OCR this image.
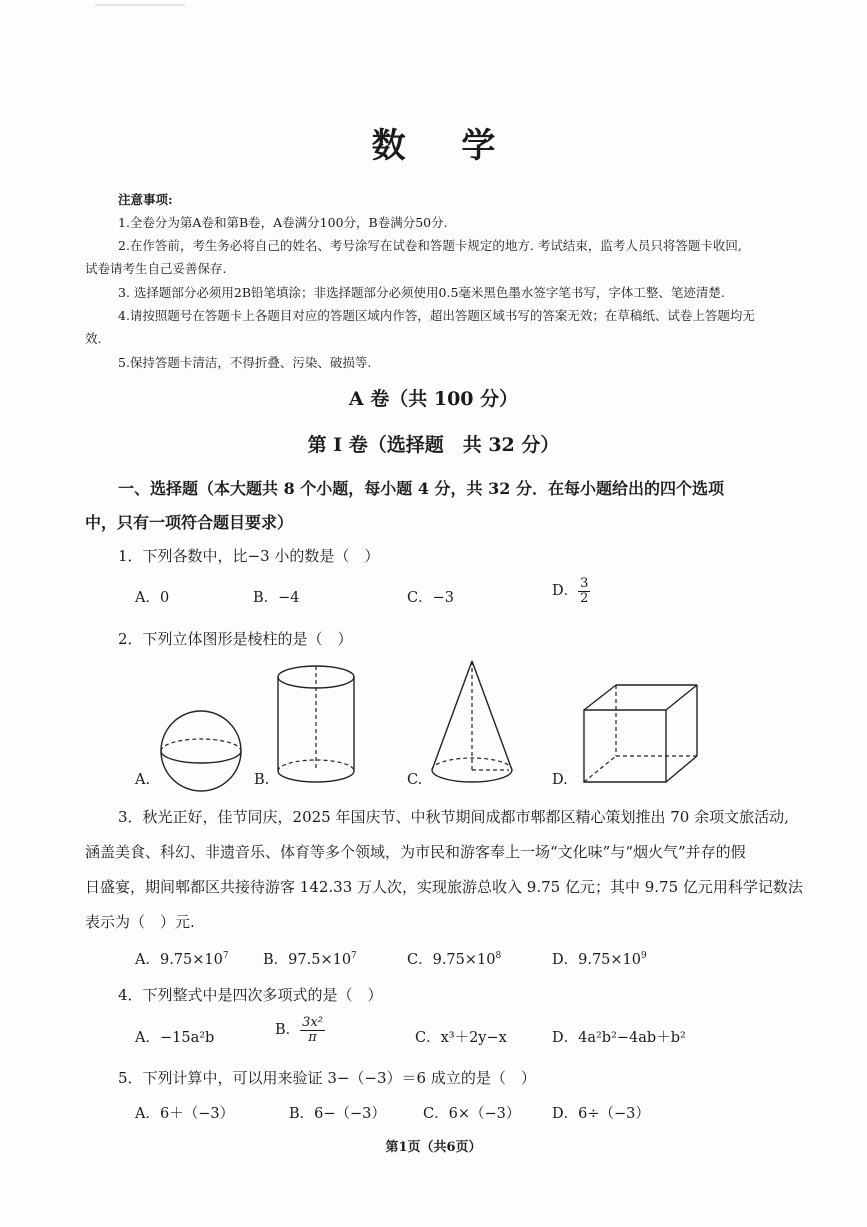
数 学
注意事项:
1.全卷分为第A卷和第B卷，A卷满分100分，B卷满分50分.
2.在作答前，考生务必将自己的姓名、考号涂写在试卷和答题卡规定的地方. 考试结束，监考人员只将答题卡收回,
试卷请考生自己妥善保存.
3. 选择题部分必须用2B铅笔填涂；非选择题部分必须使用0.5毫米黑色墨水签字笔书写，字体工整、笔迹清楚.
4.请按照题号在答题卡上各题目对应的答题区域内作答，超出答题区域书写的答案无效；在草稿纸、试卷上答题均无
效.
5.保持答题卡清洁，不得折叠、污染、破损等.
A 卷（共 100 分）
第 Ⅰ 卷（选择题　共 32 分）
一、选择题（本大题共 8 个小题，每小题 4 分，共 32 分．在每小题给出的四个选项
中，只有一项符合题目要求）
1．下列各数中，比−3 小的数是（　）
A．0	B．−4	C．−3	D． $\frac{3}{2}$
2．下列立体图形是棱柱的是（　）
A.	B.	C.	D.
3．秋光正好，佳节同庆，2025 年国庆节、中秋节期间成都市郫都区精心策划推出 70 余项文旅活动,
涵盖美食、科幻、非遗音乐、体育等多个领域，为市民和游客奉上一场“文化味”与“烟火气”并存的假
日盛宴，期间郫都区共接待游客 142.33 万人次，实现旅游总收入 9.75 亿元；其中 9.75 亿元用科学记数法
表示为（　）元.
A．$9.75\times 10^7$ B．$97.5\times 10^7$	C．$9.75\times 10^8$	D．$9.75\times 10^9$
4．下列整式中是四次多项式的是（　）
A．−15a²b	B． $\frac{\text{3x²}}{\pi}$	C．x³＋2y−x	D．4a²b²−4ab＋b²
5．下列计算中，可以用来验证 3−（−3）＝6 成立的是（　）
A．6＋（−3）	B．6−（−3）	C．6×（−3） D．6÷（−3）
第1页（共6页）
